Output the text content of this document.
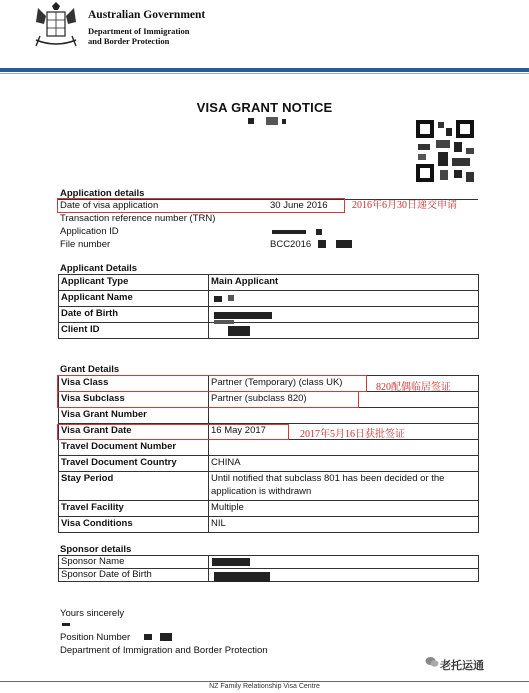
Australian Government
Department of Immigration
and Border Protection
VISA GRANT NOTICE
Application details
Date of visa application	30 June 2016
Transaction reference number (TRN)
Application ID
File number	BCC2016
2016年6月30日递交申请
Applicant Details
Applicant Type	Main Applicant
Applicant Name	
Date of Birth	
Client ID	
Grant Details
Visa Class	Partner (Temporary) (class UK)
Visa Subclass	Partner (subclass 820)
Visa Grant Number	
Visa Grant Date	16 May 2017
Travel Document Number	
Travel Document Country	CHINA
Stay Period	Until notified that subclass 801 has been decided or the application is withdrawn
Travel Facility	Multiple
Visa Conditions	NIL
820配偶临居签证
2017年5月16日获批签证
Sponsor details
Sponsor Name	
Sponsor Date of Birth	
Yours sincerely
Position Number
Department of Immigration and Border Protection
老托运通
NZ Family Relationship Visa Centre
